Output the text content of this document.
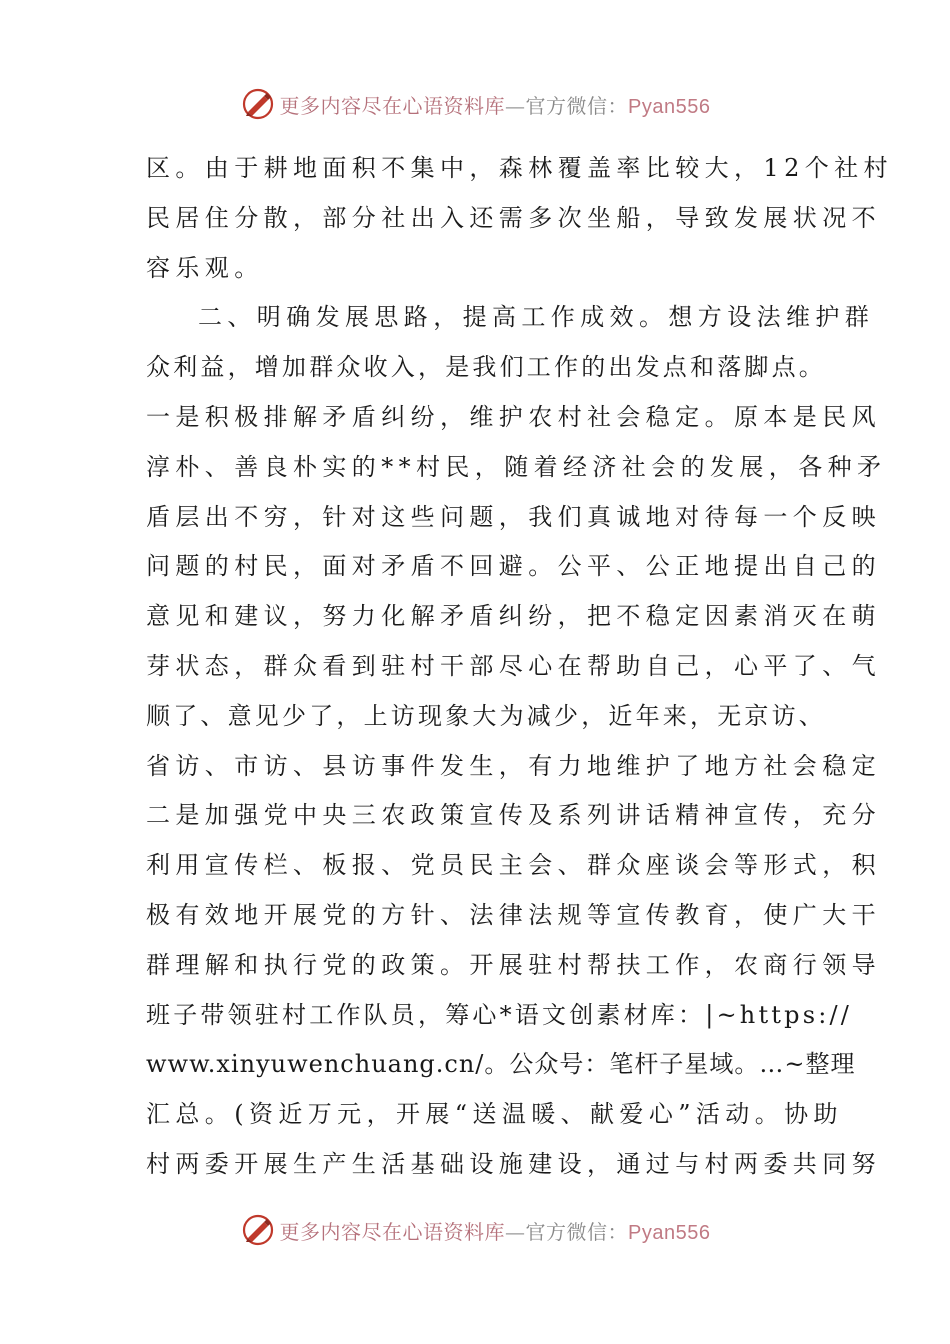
更多内容尽在心语资料库—官方微信：Pyan556
区。由于耕地面积不集中，森林覆盖率比较大，12个社村
民居住分散，部分社出入还需多次坐船，导致发展状况不
容乐观。
二、明确发展思路，提高工作成效。想方设法维护群
众利益，增加群众收入，是我们工作的出发点和落脚点。
一是积极排解矛盾纠纷，维护农村社会稳定。原本是民风
淳朴、善良朴实的**村民，随着经济社会的发展，各种矛
盾层出不穷，针对这些问题，我们真诚地对待每一个反映
问题的村民，面对矛盾不回避。公平、公正地提出自己的
意见和建议，努力化解矛盾纠纷，把不稳定因素消灭在萌
芽状态，群众看到驻村干部尽心在帮助自己，心平了、气
顺了、意见少了，上访现象大为减少，近年来，无京访、
省访、市访、县访事件发生，有力地维护了地方社会稳定
二是加强党中央三农政策宣传及系列讲话精神宣传，充分
利用宣传栏、板报、党员民主会、群众座谈会等形式，积
极有效地开展党的方针、法律法规等宣传教育，使广大干
群理解和执行党的政策。开展驻村帮扶工作，农商行领导
班子带领驻村工作队员，筹心*语文创素材库：|~https://
www.xinyuwenchuang.cn/。公众号：笔杆子星域。…~整理
汇总。(资近万元，开展“送温暖、献爱心”活动。协助
村两委开展生产生活基础设施建设，通过与村两委共同努
更多内容尽在心语资料库—官方微信：Pyan556
